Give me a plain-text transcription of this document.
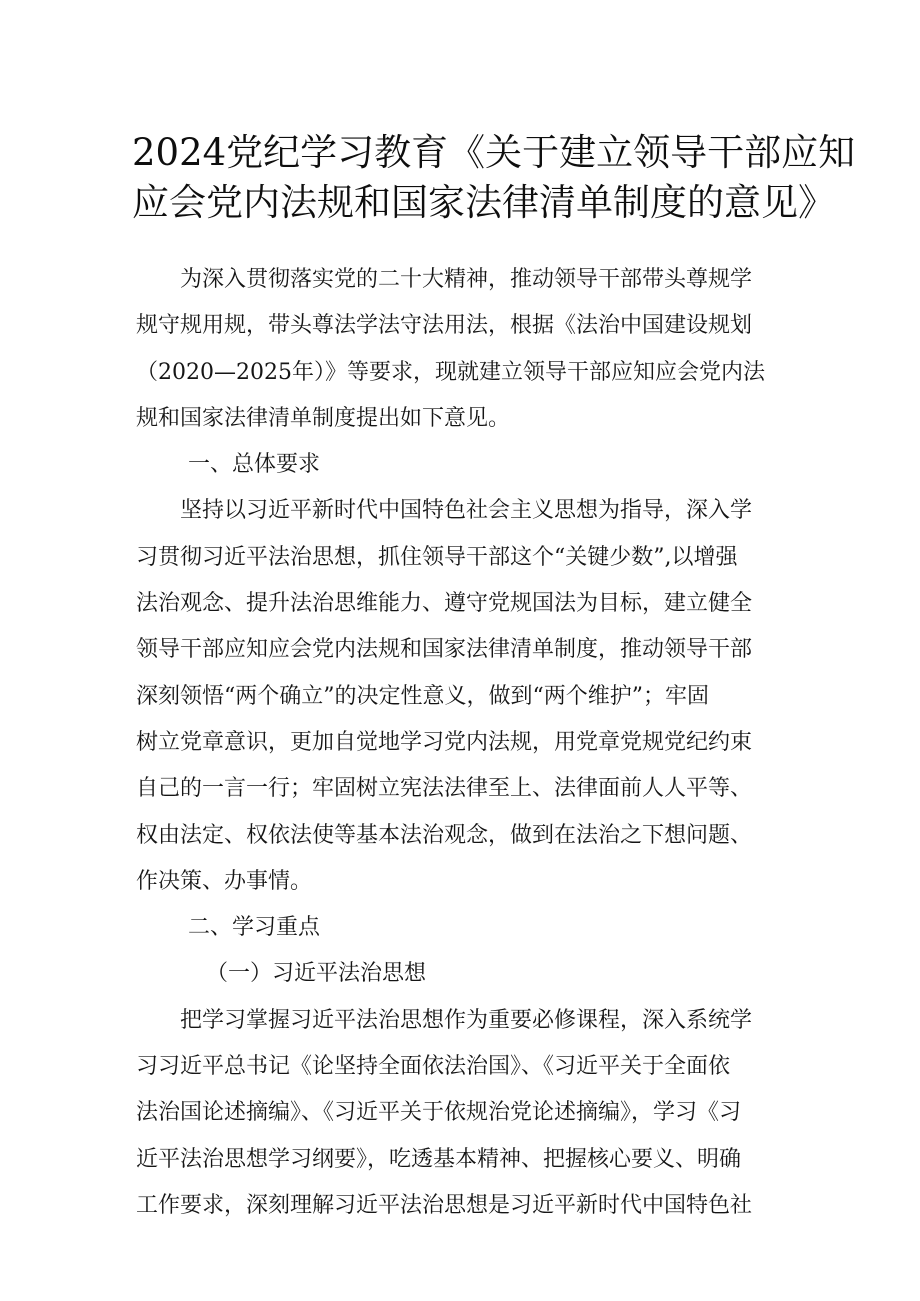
2024党纪学习教育《关于建立领导干部应知
应会党内法规和国家法律清单制度的意见》
为深入贯彻落实党的二十大精神，推动领导干部带头尊规学
规守规用规，带头尊法学法守法用法，根据《法治中国建设规划
（2020—2025年）》等要求，现就建立领导干部应知应会党内法
规和国家法律清单制度提出如下意见。
一、总体要求
坚持以习近平新时代中国特色社会主义思想为指导，深入学
习贯彻习近平法治思想，抓住领导干部这个“关键少数”,以增强
法治观念、提升法治思维能力、遵守党规国法为目标，建立健全
领导干部应知应会党内法规和国家法律清单制度，推动领导干部
深刻领悟“两个确立”的决定性意义，做到“两个维护”；牢固
树立党章意识，更加自觉地学习党内法规，用党章党规党纪约束
自己的一言一行；牢固树立宪法法律至上、法律面前人人平等、
权由法定、权依法使等基本法治观念，做到在法治之下想问题、
作决策、办事情。
二、学习重点
（一）习近平法治思想
把学习掌握习近平法治思想作为重要必修课程，深入系统学
习习近平总书记《论坚持全面依法治国》、《习近平关于全面依
法治国论述摘编》、《习近平关于依规治党论述摘编》，学习《习
近平法治思想学习纲要》，吃透基本精神、把握核心要义、明确
工作要求，深刻理解习近平法治思想是习近平新时代中国特色社
